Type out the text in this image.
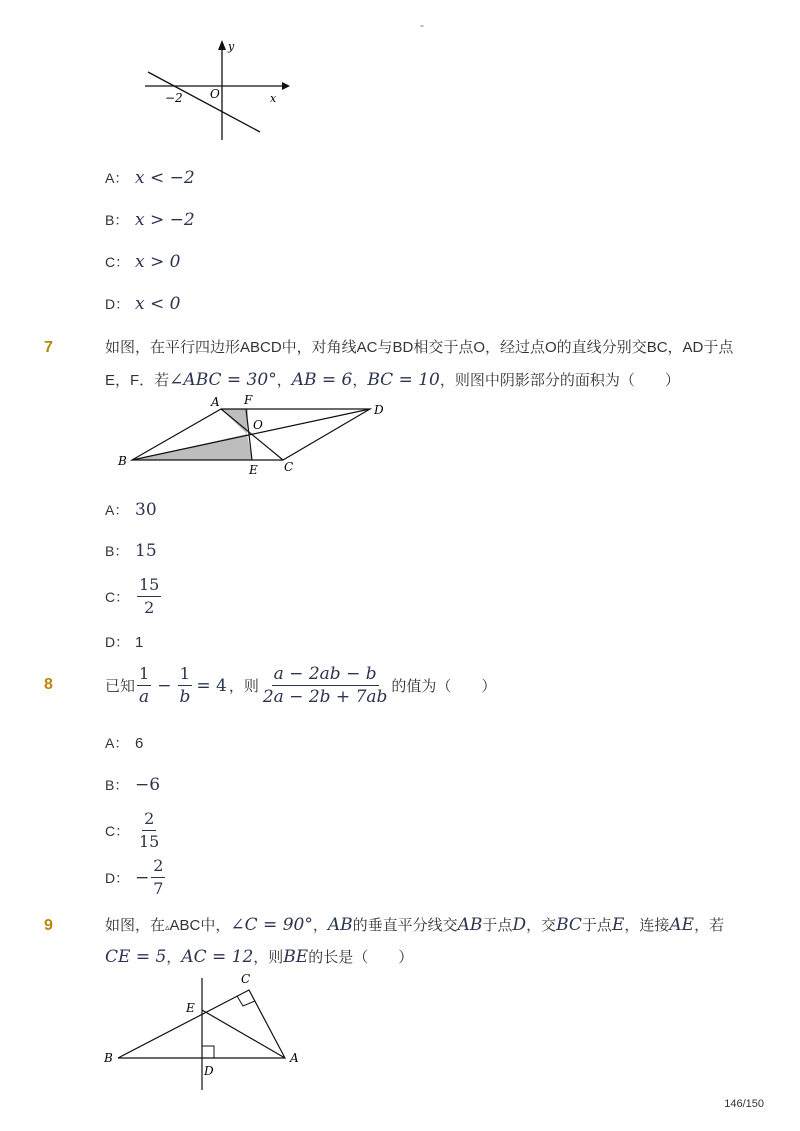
-
y
x
O
−2
A： x < −2
B： x > −2
C： x > 0
D： x < 0
7	如图，在平行四边形ABCD中，对角线AC与BD相交于点O，经过点O的直线分别交BC，AD于点
E，F．若∠ABC = 30°，AB = 6，BC = 10，则图中阴影部分的面积为（　　）
A F
O
D
B
E C
A： 30
B： 15
C： $\frac{15}{2}$
D： 1
8	已知 $\frac{1}{a} - \frac{1}{b} = 4$ ，则 $\frac{a - 2ab - b}{2a - 2b + 7ab}$ 的值为（　　）
A： 6
B： −6
C： $\frac{2}{15}$
D： − $\frac{2}{7}$
9	如图，在▵ABC中，∠C = 90°，AB的垂直平分线交AB于点D，交BC于点E，连接AE，若
CE = 5，AC = 12，则BE的长是（　　）
C
E
B	A
D
146/150
